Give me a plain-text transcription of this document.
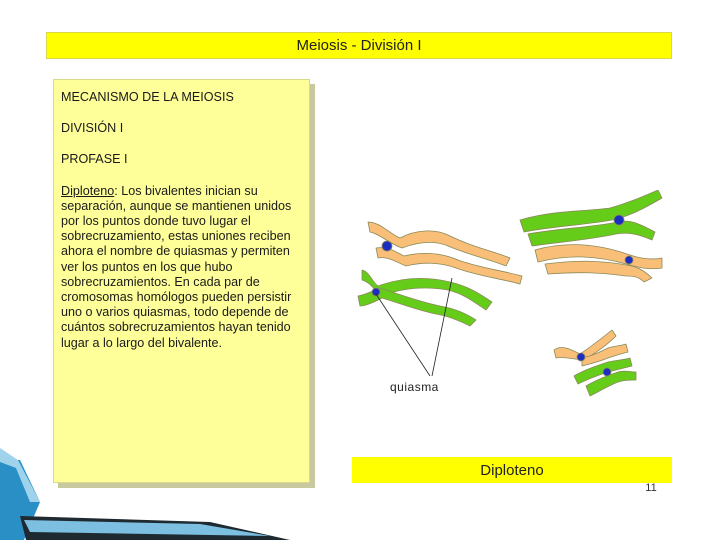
Meiosis - División I

MECANISMO DE LA MEIOSIS

DIVISIÓN I

PROFASE I

Diploteno: Los bivalentes inician su separación, aunque se mantienen unidos por los puntos donde tuvo lugar el sobrecruzamiento, estas uniones reciben ahora el nombre de quiasmas y permiten ver los puntos en los que hubo sobrecruzamientos. En cada par de cromosomas homólogos pueden persistir uno o varios quiasmas, todo depende de cuántos sobrecruzamientos hayan tenido lugar a lo largo del bivalente.

quiasma
Diploteno
11
